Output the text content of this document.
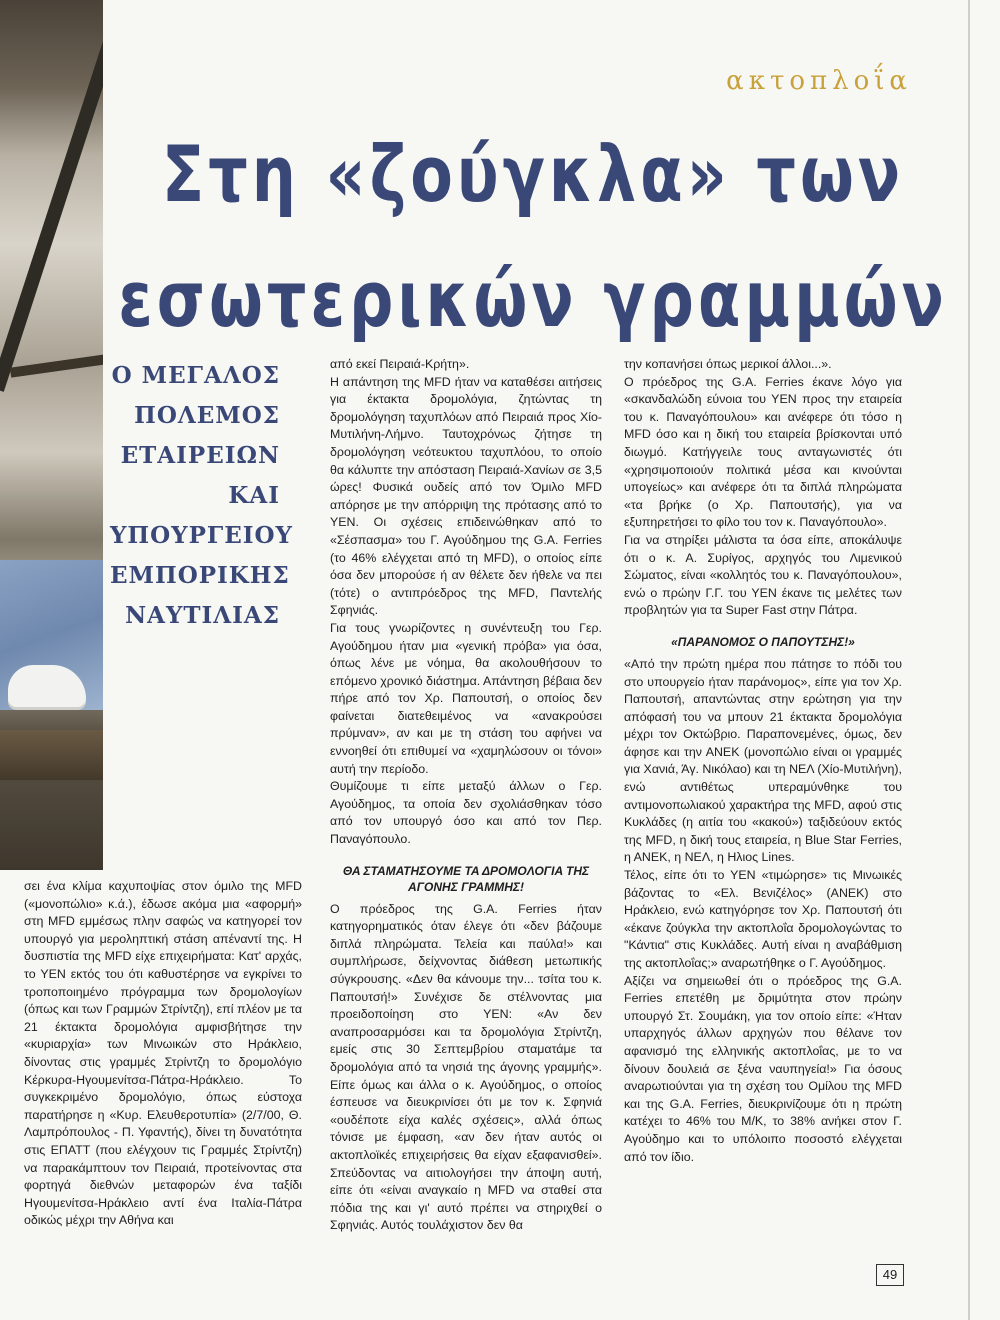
ακτοπλοΐα
Στη «ζούγκλα» των εσωτερικών γραμμών

Ο ΜΕΓΑΛΟΣ
ΠΟΛΕΜΟΣ
ΕΤΑΙΡΕΙΩΝ
ΚΑΙ
ΥΠΟΥΡΓΕΙΟΥ
ΕΜΠΟΡΙΚΗΣ
ΝΑΥΤΙΛΙΑΣ

σει ένα κλίμα καχυποψίας στον όμιλο της MFD («μονοπώλιο» κ.ά.), έδωσε ακόμα μια «αφορμή» στη MFD εμμέσως πλην σαφώς να κατηγορεί τον υπουργό για μεροληπτική στάση απέναντί της. Η δυσπιστία της MFD είχε επιχειρήματα: Κατ' αρχάς, το ΥΕΝ εκτός του ότι καθυστέρησε να εγκρίνει το τροποποιημένο πρόγραμμα των δρομολογίων (όπως και των Γραμμών Στρίντζη), επί πλέον με τα 21 έκτακτα δρομολόγια αμφισβήτησε την «κυριαρχία» των Μινωικών στο Ηράκλειο, δίνοντας στις γραμμές Στρίντζη το δρομολόγιο Κέρκυρα-Ηγουμενίτσα-Πάτρα-Ηράκλειο. Το συγκεκριμένο δρομολόγιο, όπως εύστοχα παρατήρησε η «Κυρ. Ελευθεροτυπία» (2/7/00, Θ. Λαμπρόπουλος - Π. Υφαντής), δίνει τη δυνατότητα στις ΕΠΑΤΤ (που ελέγχουν τις Γραμμές Στρίντζη) να παρακάμπτουν τον Πειραιά, προτείνοντας στα φορτηγά διεθνών μεταφορών ένα ταξίδι Ηγουμενίτσα-Ηράκλειο αντί ένα Ιταλία-Πάτρα οδικώς μέχρι την Αθήνα και

από εκεί Πειραιά-Κρήτη».

Η απάντηση της MFD ήταν να καταθέσει αιτήσεις για έκτακτα δρομολόγια, ζητώντας τη δρομολόγηση ταχυπλόων από Πειραιά προς Χίο-Μυτιλήνη-Λήμνο. Ταυτοχρόνως ζήτησε τη δρομολόγηση νεότευκτου ταχυπλόου, το οποίο θα κάλυπτε την απόσταση Πειραιά-Χανίων σε 3,5 ώρες! Φυσικά ουδείς από τον Όμιλο MFD απόρησε με την απόρριψη της πρότασης από το ΥΕΝ. Οι σχέσεις επιδεινώθηκαν από το «Σέσπασμα» του Γ. Αγούδημου της G.A. Ferries (το 46% ελέγχεται από τη MFD), ο οποίος είπε όσα δεν μπορούσε ή αν θέλετε δεν ήθελε να πει (τότε) ο αντιπρόεδρος της MFD, Παντελής Σφηνιάς.

Για τους γνωρίζοντες η συνέντευξη του Γερ. Αγούδημου ήταν μια «γενική πρόβα» για όσα, όπως λένε με νόημα, θα ακολουθήσουν το επόμενο χρονικό διάστημα. Απάντηση βέβαια δεν πήρε από τον Χρ. Παπουτσή, ο οποίος δεν φαίνεται διατεθειμένος να «ανακρούσει πρύμναν», αν και με τη στάση του αφήνει να εννοηθεί ότι επιθυμεί να «χαμηλώσουν οι τόνοι» αυτή την περίοδο.

Θυμίζουμε τι είπε μεταξύ άλλων ο Γερ. Αγούδημος, τα οποία δεν σχολιάσθηκαν τόσο από τον υπουργό όσο και από τον Περ. Παναγόπουλο.

ΘΑ ΣΤΑΜΑΤΗΣΟΥΜΕ ΤΑ ΔΡΟΜΟΛΟΓΙΑ ΤΗΣ ΑΓΟΝΗΣ ΓΡΑΜΜΗΣ!

Ο πρόεδρος της G.A. Ferries ήταν κατηγορηματικός όταν έλεγε ότι «δεν βάζουμε διπλά πληρώματα. Τελεία και παύλα!» και συμπλήρωσε, δείχνοντας διάθεση μετωπικής σύγκρουσης. «Δεν θα κάνουμε την... τσίτα του κ. Παπουτσή!» Συνέχισε δε στέλνοντας μια προειδοποίηση στο ΥΕΝ: «Αν δεν αναπροσαρμόσει και τα δρομολόγια Στρίντζη, εμείς στις 30 Σεπτεμβρίου σταματάμε τα δρομολόγια από τα νησιά της άγονης γραμμής». Είπε όμως και άλλα ο κ. Αγούδημος, ο οποίος έσπευσε να διευκρινίσει ότι με τον κ. Σφηνιά «ουδέποτε είχα καλές σχέσεις», αλλά όπως τόνισε με έμφαση, «αν δεν ήταν αυτός οι ακτοπλοϊκές επιχειρήσεις θα είχαν εξαφανισθεί». Σπεύδοντας να αιτιολογήσει την άποψη αυτή, είπε ότι «είναι αναγκαίο η MFD να σταθεί στα πόδια της και γι' αυτό πρέπει να στηριχθεί ο Σφηνιάς. Αυτός τουλάχιστον δεν θα

την κοπανήσει όπως μερικοί άλλοι...».

Ο πρόεδρος της G.A. Ferries έκανε λόγο για «σκανδαλώδη εύνοια του ΥΕΝ προς την εταιρεία του κ. Παναγόπουλου» και ανέφερε ότι τόσο η MFD όσο και η δική του εταιρεία βρίσκονται υπό διωγμό. Κατήγγειλε τους ανταγωνιστές ότι «χρησιμοποιούν πολιτικά μέσα και κινούνται υπογείως» και ανέφερε ότι τα διπλά πληρώματα «τα βρήκε (ο Χρ. Παπουτσής), για να εξυπηρετήσει το φίλο του τον κ. Παναγόπουλο».

Για να στηρίξει μάλιστα τα όσα είπε, αποκάλυψε ότι ο κ. Α. Συρίγος, αρχηγός του Λιμενικού Σώματος, είναι «κολλητός του κ. Παναγόπουλου», ενώ ο πρώην Γ.Γ. του ΥΕΝ έκανε τις μελέτες των προβλητών για τα Super Fast στην Πάτρα.

«ΠΑΡΑΝΟΜΟΣ Ο ΠΑΠΟΥΤΣΗΣ!»

«Από την πρώτη ημέρα που πάτησε το πόδι του στο υπουργείο ήταν παράνομος», είπε για τον Χρ. Παπουτσή, απαντώντας στην ερώτηση για την απόφασή του να μπουν 21 έκτακτα δρομολόγια μέχρι τον Οκτώβριο. Παραπονεμένες, όμως, δεν άφησε και την ΑΝΕΚ (μονοπώλιο είναι οι γραμμές για Χανιά, Άγ. Νικόλαο) και τη ΝΕΛ (Χίο-Μυτιλήνη), ενώ αντιθέτως υπεραμύνθηκε του αντιμονοπωλιακού χαρακτήρα της MFD, αφού στις Κυκλάδες (η αιτία του «κακού») ταξιδεύουν εκτός της MFD, η δική τους εταιρεία, η Blue Star Ferries, η ΑΝΕΚ, η ΝΕΛ, η Ηλιος Lines.

Τέλος, είπε ότι το ΥΕΝ «τιμώρησε» τις Μινωικές βάζοντας το «Ελ. Βενιζέλος» (ΑΝΕΚ) στο Ηράκλειο, ενώ κατηγόρησε τον Χρ. Παπουτσή ότι «έκανε ζούγκλα την ακτοπλοΐα δρομολογώντας το "Κάντια" στις Κυκλάδες. Αυτή είναι η αναβάθμιση της ακτοπλοΐας;» αναρωτήθηκε ο Γ. Αγούδημος.

Αξίζει να σημειωθεί ότι ο πρόεδρος της G.A. Ferries επετέθη με δριμύτητα στον πρώην υπουργό Στ. Σουμάκη, για τον οποίο είπε: «Ήταν υπαρχηγός άλλων αρχηγών που θέλανε τον αφανισμό της ελληνικής ακτοπλοΐας, με το να δίνουν δουλειά σε ξένα ναυπηγεία!» Για όσους αναρωτιούνται για τη σχέση του Ομίλου της MFD και της G.A. Ferries, διευκρινίζουμε ότι η πρώτη κατέχει το 46% του Μ/Κ, το 38% ανήκει στον Γ. Αγούδημο και το υπόλοιπο ποσοστό ελέγχεται από τον ίδιο.

49
